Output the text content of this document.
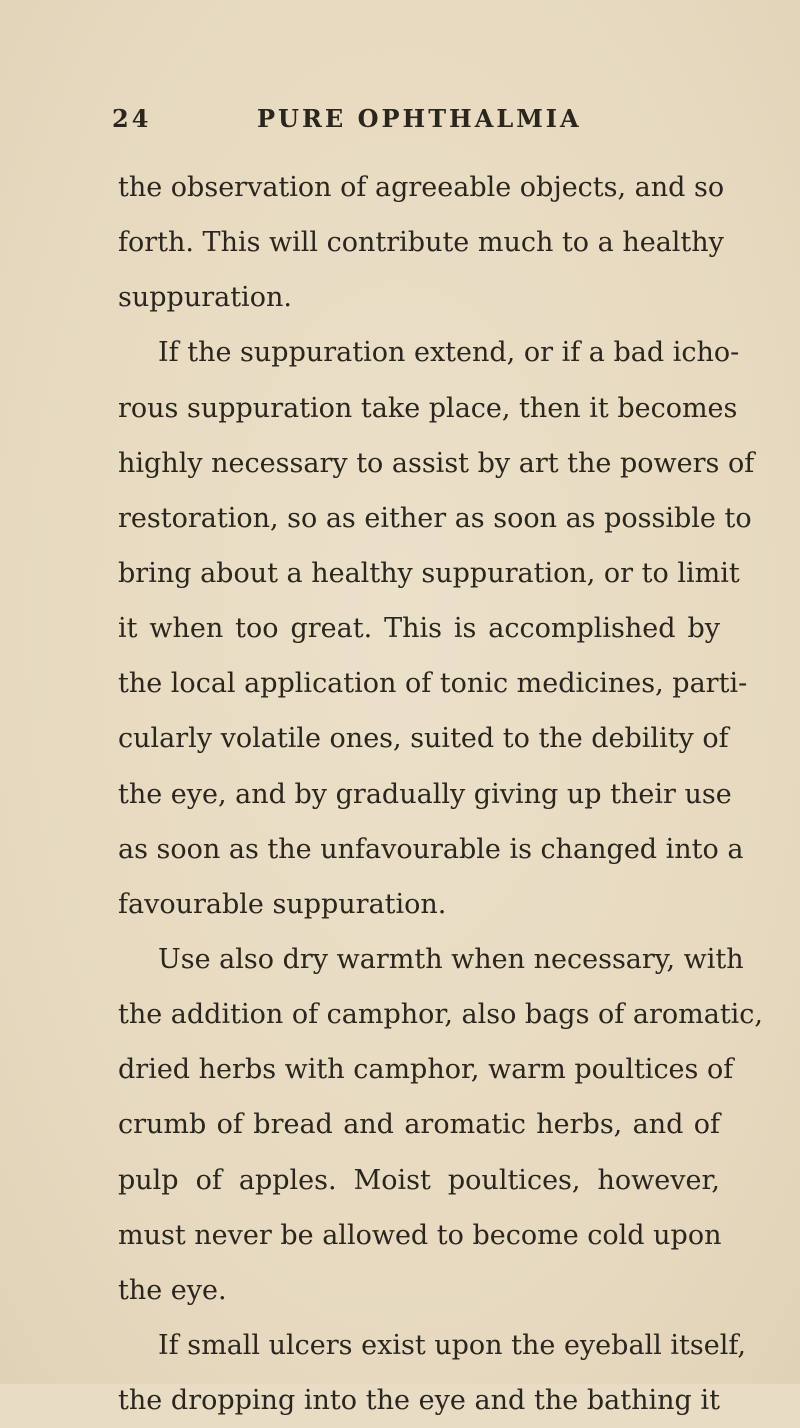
24	PURE OPHTHALMIA
the observation of agreeable objects, and so
forth. This will contribute much to a healthy
suppuration.
If the suppuration extend, or if a bad icho-
rous suppuration take place, then it becomes
highly necessary to assist by art the powers of
restoration, so as either as soon as possible to
bring about a healthy suppuration, or to limit
it when too great. This is accomplished by
the local application of tonic medicines, parti-
cularly volatile ones, suited to the debility of
the eye, and by gradually giving up their use
as soon as the unfavourable is changed into a
favourable suppuration.
Use also dry warmth when necessary, with
the addition of camphor, also bags of aromatic,
dried herbs with camphor, warm poultices of
crumb of bread and aromatic herbs, and of
pulp of apples. Moist poultices, however,
must never be allowed to become cold upon
the eye.
If small ulcers exist upon the eyeball itself,
the dropping into the eye and the bathing it
